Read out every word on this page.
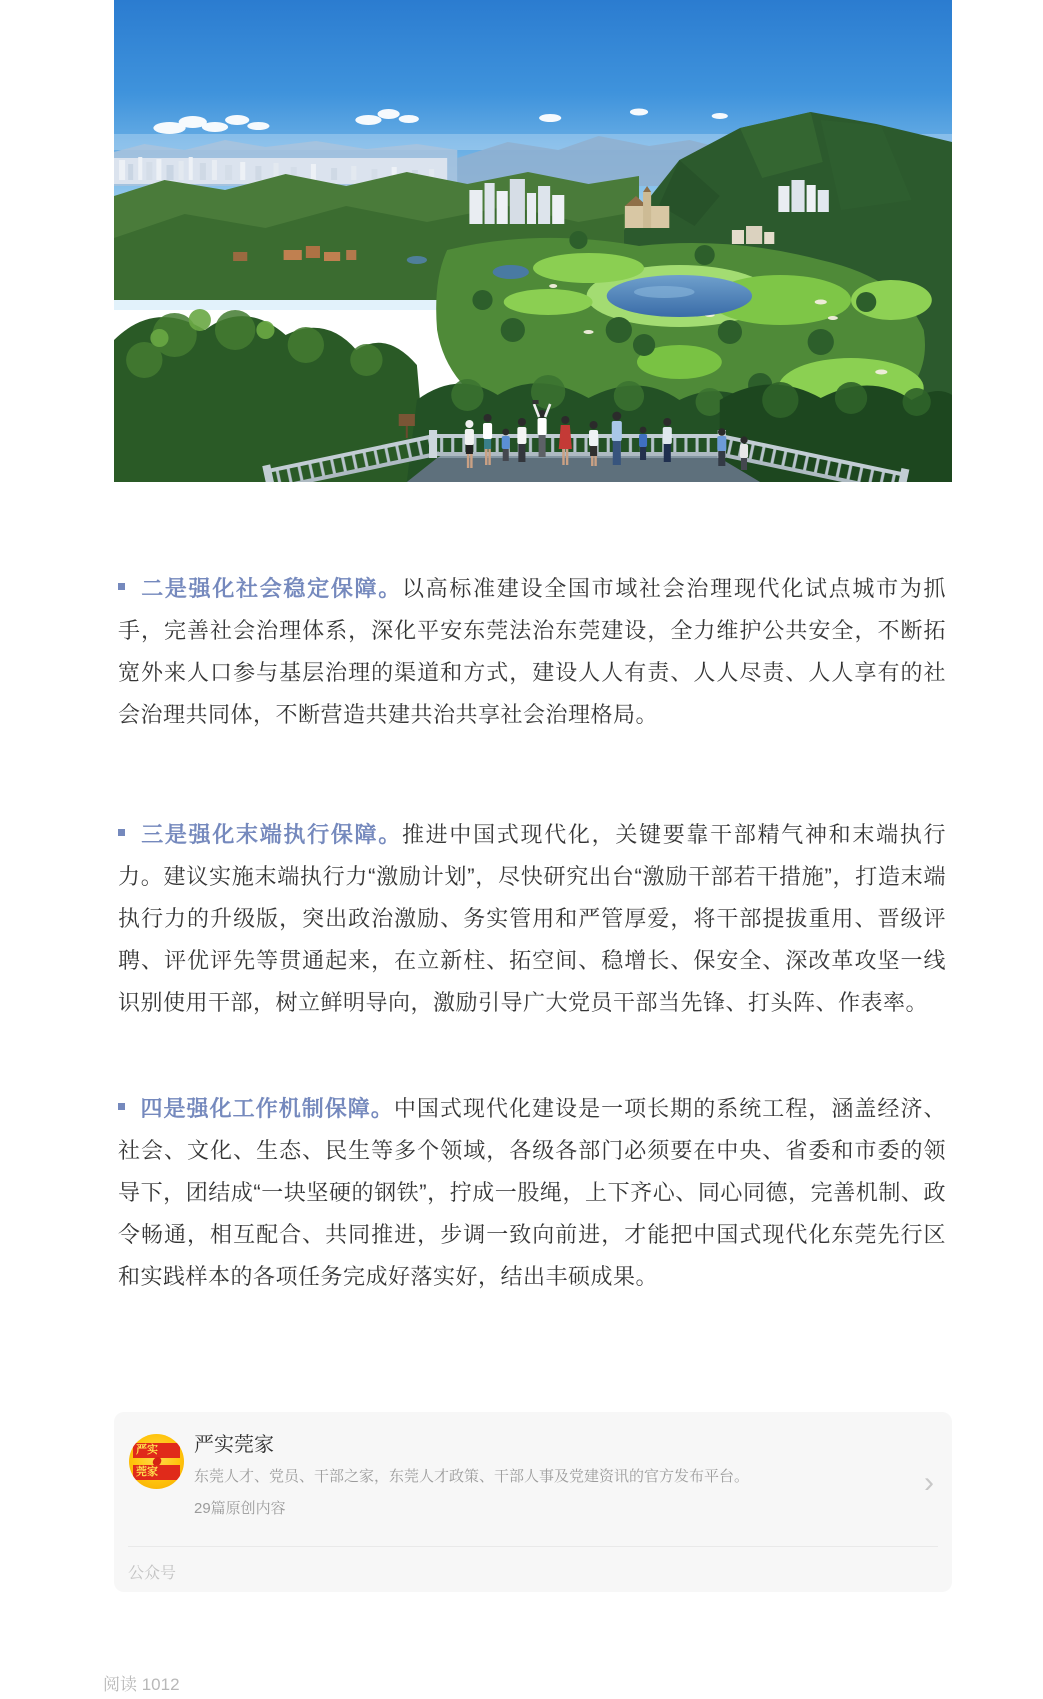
二是强化社会稳定保障。以高标准建设全国市域社会治理现代化试点城市为抓手，完善社会治理体系，深化平安东莞法治东莞建设，全力维护公共安全，不断拓宽外来人口参与基层治理的渠道和方式，建设人人有责、人人尽责、人人享有的社会治理共同体，不断营造共建共治共享社会治理格局。

三是强化末端执行保障。推进中国式现代化，关键要靠干部精气神和末端执行力。建议实施末端执行力“激励计划”，尽快研究出台“激励干部若干措施”，打造末端执行力的升级版，突出政治激励、务实管用和严管厚爱，将干部提拔重用、晋级评聘、评优评先等贯通起来，在立新柱、拓空间、稳增长、保安全、深改革攻坚一线识别使用干部，树立鲜明导向，激励引导广大党员干部当先锋、打头阵、作表率。

四是强化工作机制保障。中国式现代化建设是一项长期的系统工程，涵盖经济、社会、文化、生态、民生等多个领域，各级各部门必须要在中央、省委和市委的领导下，团结成“一块坚硬的钢铁”，拧成一股绳，上下齐心、同心同德，完善机制、政令畅通，相互配合、共同推进，步调一致向前进，才能把中国式现代化东莞先行区和实践样本的各项任务完成好落实好，结出丰硕成果。

严实
莞家
严实莞家
东莞人才、党员、干部之家，东莞人才政策、干部人事及党建资讯的官方发布平台。
29篇原创内容
›
公众号
阅读 1012
